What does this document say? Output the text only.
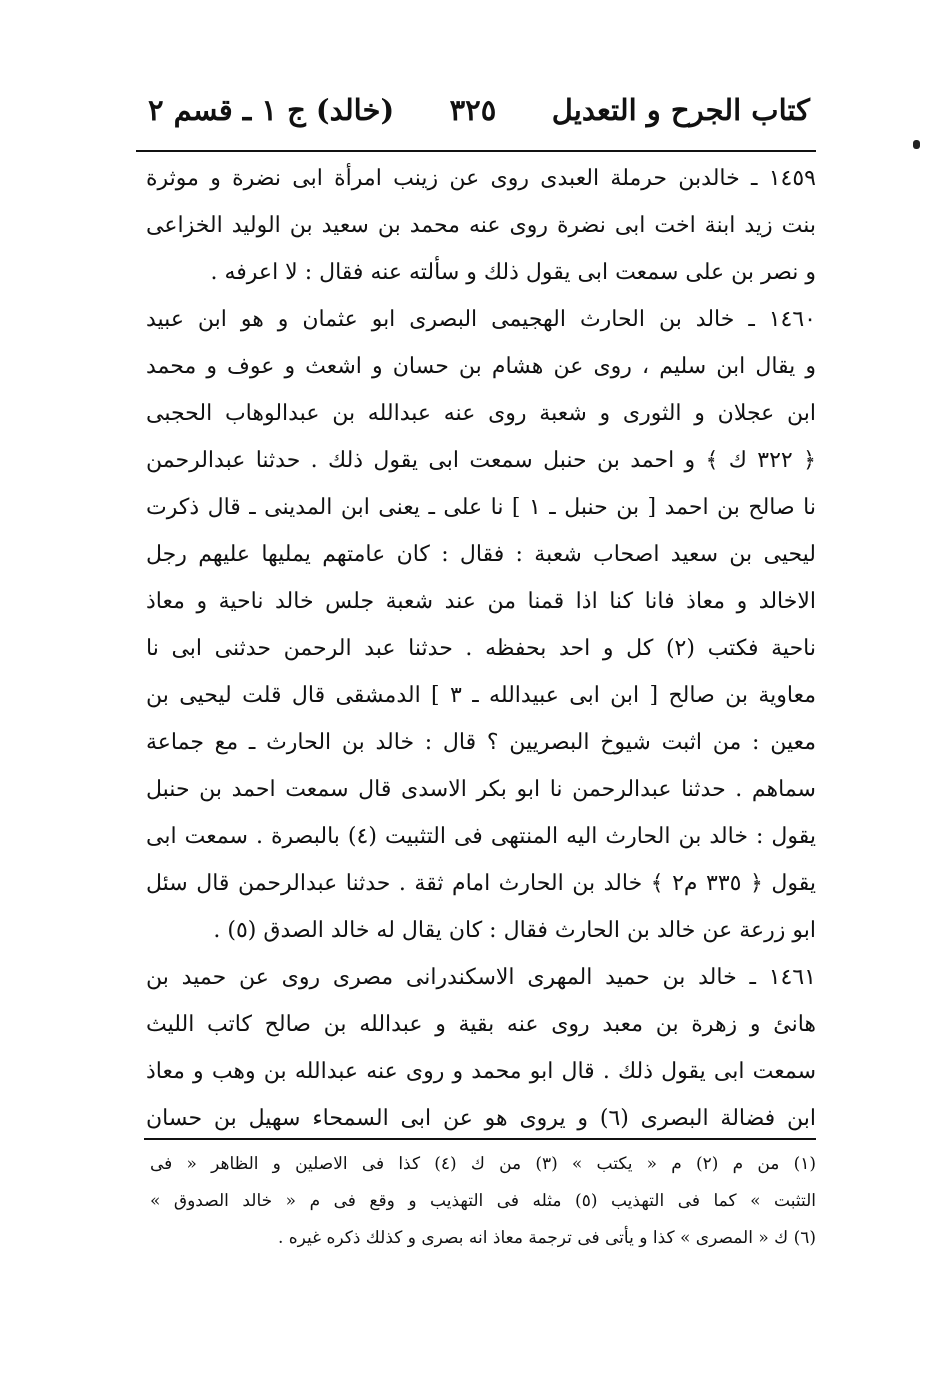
كتاب الجرح و التعديل
٣٢٥
(خالد) ج ١ ـ قسم ٢
١٤٥٩ ـ خالدبن حرملة العبدى روى عن زينب امرأة ابى نضرة و موثرة
بنت زيد ابنة اخت ابى نضرة روى عنه محمد بن سعيد بن الوليد الخزاعى
و نصر بن على سمعت ابى يقول ذلك و سألته عنه فقال : لا اعرفه .
١٤٦٠ ـ خالد بن الحارث الهجيمى البصرى ابو عثمان و هو ابن عبيد
و يقال ابن سليم ، روى عن هشام بن حسان و اشعث و عوف و محمد
ابن عجلان و الثورى و شعبة روى عنه عبدالله بن عبدالوهاب الحجبى
﴿ ٣٢٢ ك ﴾ و احمد بن حنبل سمعت ابى يقول ذلك . حدثنا عبدالرحمن
نا صالح بن احمد [ بن حنبل ـ ١ ] نا على ـ يعنى ابن المدينى ـ قال ذكرت
ليحيى بن سعيد اصحاب شعبة : فقال : كان عامتهم يمليها عليهم رجل
الاخالد و معاذ فانا كنا اذا قمنا من عند شعبة جلس خالد ناحية و معاذ
ناحية فكتب (٢) كل و احد بحفظه . حدثنا عبد الرحمن حدثنى ابى نا
معاوية بن صالح [ ابن ابى عبيدالله ـ ٣ ] الدمشقى قال قلت ليحيى بن
معين : من اثبت شيوخ البصريين ؟ قال : خالد بن الحارث ـ مع جماعة
سماهم . حدثنا عبدالرحمن نا ابو بكر الاسدى قال سمعت احمد بن حنبل
يقول : خالد بن الحارث اليه المنتهى فى التثبيت (٤) بالبصرة . سمعت ابى
يقول ﴿ ٣٣٥ م٢ ﴾ خالد بن الحارث امام ثقة . حدثنا عبدالرحمن قال سئل
ابو زرعة عن خالد بن الحارث فقال : كان يقال له خالد الصدق (٥) .
١٤٦١ ـ خالد بن حميد المهرى الاسكندرانى مصرى روى عن حميد بن
هانئ و زهرة بن معبد روى عنه بقية و عبدالله بن صالح كاتب الليث
سمعت ابى يقول ذلك . قال ابو محمد و روى عنه عبدالله بن وهب و معاذ
ابن فضالة البصرى (٦) و يروى هو عن ابى السمحاء سهيل بن حسان
(١) من م (٢) م « يكتب » (٣) من ك (٤) كذا فى الاصلين و الظاهر « فى
التثبت » كما فى التهذيب (٥) مثله فى التهذيب و وقع فى م « خالد الصدوق »
(٦) ك « المصرى » كذا و يأتى فى ترجمة معاذ انه بصرى و كذلك ذكره غيره .
